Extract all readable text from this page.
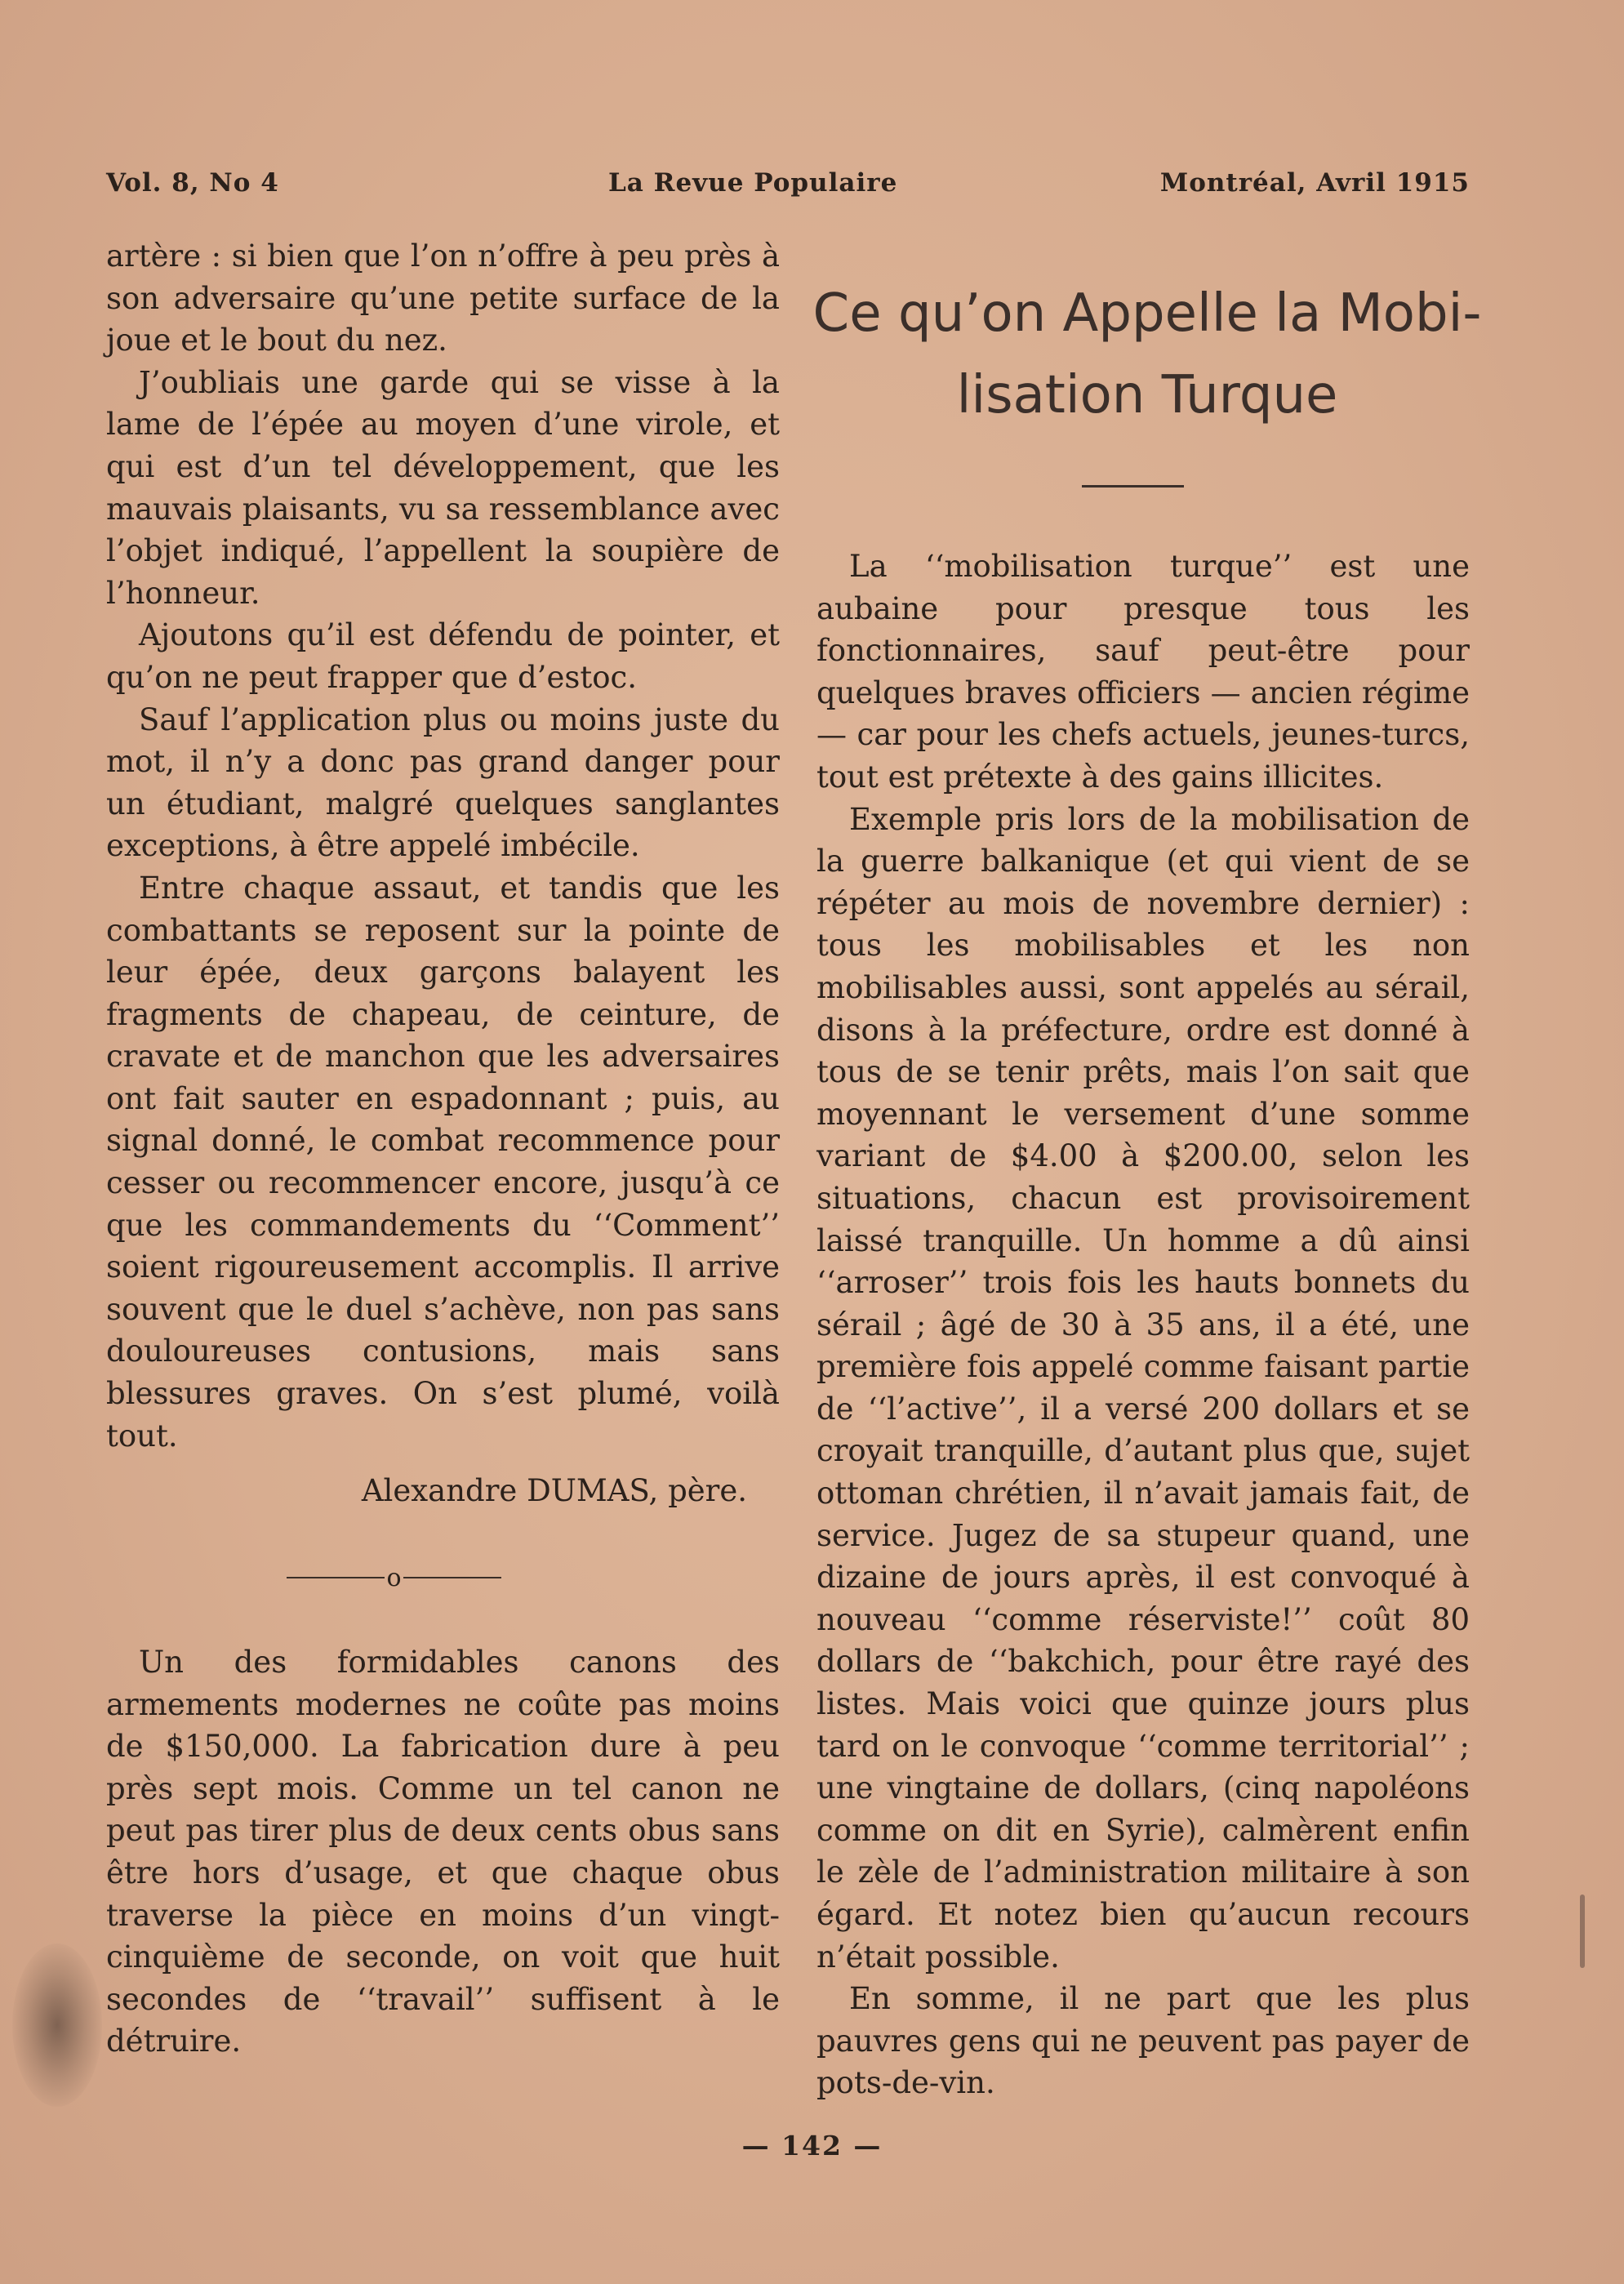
Vol. 8, No 4	La Revue Populaire	Montréal, Avril 1915

artère : si bien que l’on n’offre à peu près à son adversaire qu’une petite surface de la joue et le bout du nez.

J’oubliais une garde qui se visse à la lame de l’épée au moyen d’une virole, et qui est d’un tel développement, que les mauvais plaisants, vu sa ressemblance avec l’objet indiqué, l’appellent la soupière de l’honneur.

Ajoutons qu’il est défendu de pointer, et qu’on ne peut frapper que d’estoc.

Sauf l’application plus ou moins juste du mot, il n’y a donc pas grand danger pour un étudiant, malgré quelques sanglantes exceptions, à être appelé imbécile.

Entre chaque assaut, et tandis que les combattants se reposent sur la pointe de leur épée, deux garçons balayent les fragments de chapeau, de ceinture, de cravate et de manchon que les adversaires ont fait sauter en espadonnant ; puis, au signal donné, le combat recommence pour cesser ou recommencer encore, jusqu’à ce que les commandements du ‘‘Comment’’ soient rigoureusement accomplis. Il arrive souvent que le duel s’achève, non pas sans douloureuses contusions, mais sans blessures graves. On s’est plumé, voilà tout.

Alexandre DUMAS, père.
o

Un des formidables canons des armements modernes ne coûte pas moins de $150,000. La fabrication dure à peu près sept mois. Comme un tel canon ne peut pas tirer plus de deux cents obus sans être hors d’usage, et que chaque obus traverse la pièce en moins d’un vingt-cinquième de seconde, on voit que huit secondes de ‘‘travail’’ suffisent à le détruire.

Ce qu’on Appelle la Mobi-
lisation Turque

La ‘‘mobilisation turque’’ est une aubaine pour presque tous les fonctionnaires, sauf peut-être pour quelques braves officiers — ancien régime — car pour les chefs actuels, jeunes-turcs, tout est prétexte à des gains illicites.

Exemple pris lors de la mobilisation de la guerre balkanique (et qui vient de se répéter au mois de novembre dernier) : tous les mobilisables et les non mobilisables aussi, sont appelés au sérail, disons à la préfecture, ordre est donné à tous de se tenir prêts, mais l’on sait que moyennant le versement d’une somme variant de $4.00 à $200.00, selon les situations, chacun est provisoirement laissé tranquille. Un homme a dû ainsi ‘‘arroser’’ trois fois les hauts bonnets du sérail ; âgé de 30 à 35 ans, il a été, une première fois appelé comme faisant partie de ‘‘l’active’’, il a versé 200 dollars et se croyait tranquille, d’autant plus que, sujet ottoman chrétien, il n’avait jamais fait, de service. Jugez de sa stupeur quand, une dizaine de jours après, il est convoqué à nouveau ‘‘comme réserviste!’’ coût 80 dollars de ‘‘bakchich, pour être rayé des listes. Mais voici que quinze jours plus tard on le convoque ‘‘comme territorial’’ ; une vingtaine de dollars, (cinq napoléons comme on dit en Syrie), calmèrent enfin le zèle de l’administration militaire à son égard. Et notez bien qu’aucun recours n’était possible.

En somme, il ne part que les plus pauvres gens qui ne peuvent pas payer de pots-de-vin.

— 142 —
